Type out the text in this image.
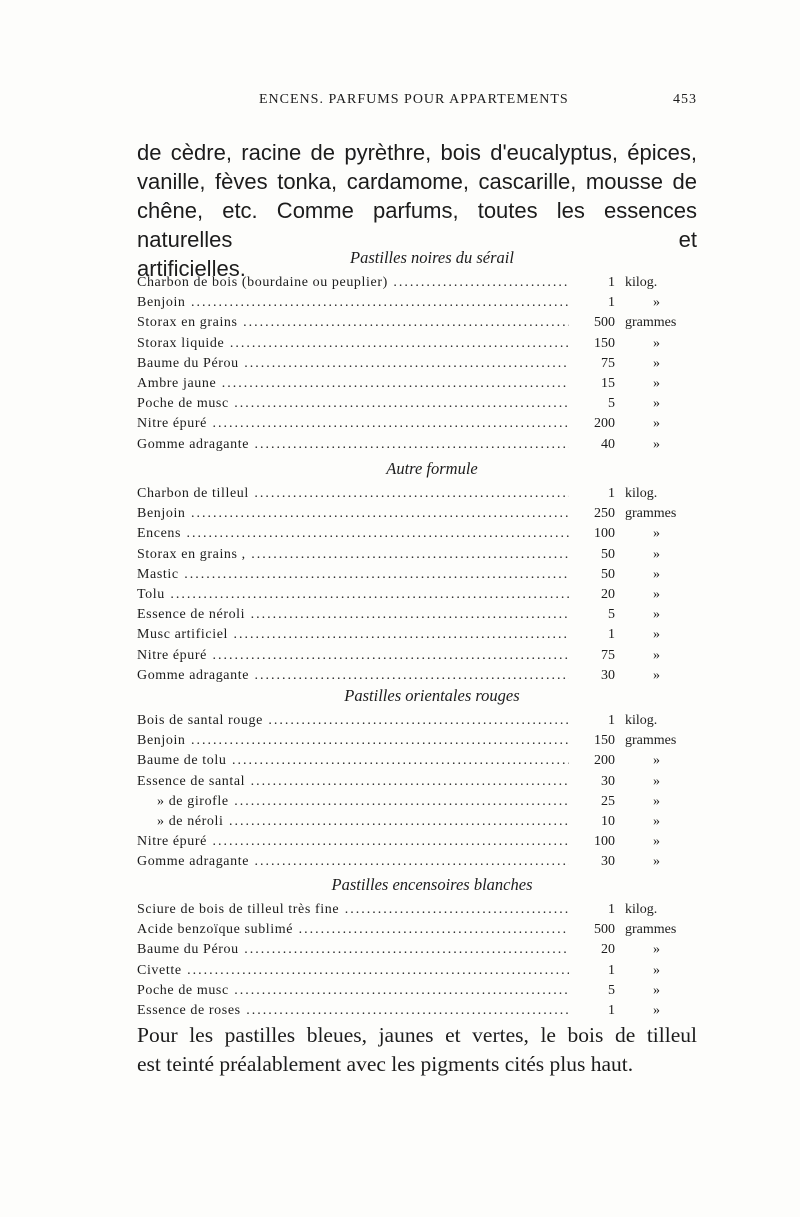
ENCENS. PARFUMS POUR APPARTEMENTS	453
de cèdre, racine de pyrèthre, bois d'eucalyptus, épices,
vanille, fèves tonka, cardamome, cascarille, mousse de
chêne, etc. Comme parfums, toutes les essences naturelles et
artificielles.	Pastilles noires du sérail
Charbon de bois (bourdaine ou peuplier) .....	1 kilog.
Benjoin .....	1	»
Storax en grains .....	500 grammes
Storax liquide .....	150	»
Baume du Pérou .....	75	»
Ambre jaune .....	15	»
Poche de musc .....	5	»
Nitre épuré .....	200	»
Gomme adragante .....	40	»
Autre formule
Charbon de tilleul .....	1 kilog.
Benjoin .....	250 grammes
Encens .....	100	»
Storax en grains , .....	50	»
Mastic .....	50	»
Tolu .....	20	»
Essence de néroli .....	5	»
Musc artificiel .....	1	»
Nitre épuré .....	75	»
Gomme adragante .....	30	»
Pastilles orientales rouges
Bois de santal rouge .....	1 kilog.
Benjoin .....	150 grammes
Baume de tolu .....	200	»
Essence de santal .....	30	»
» de girofle .....	25	»
» de néroli .....	10	»
Nitre épuré .....	100	»
Gomme adragante .....	30	»
Pastilles encensoires blanches
Sciure de bois de tilleul très fine .....	1 kilog.
Acide benzoïque sublimé .....	500 grammes
Baume du Pérou .....	20	»
Civette .....	1	»
Poche de musc .....	5	»
Essence de roses .....	1	»
Pour les pastilles bleues, jaunes et vertes, le bois de tilleul
est teinté préalablement avec les pigments cités plus haut.
